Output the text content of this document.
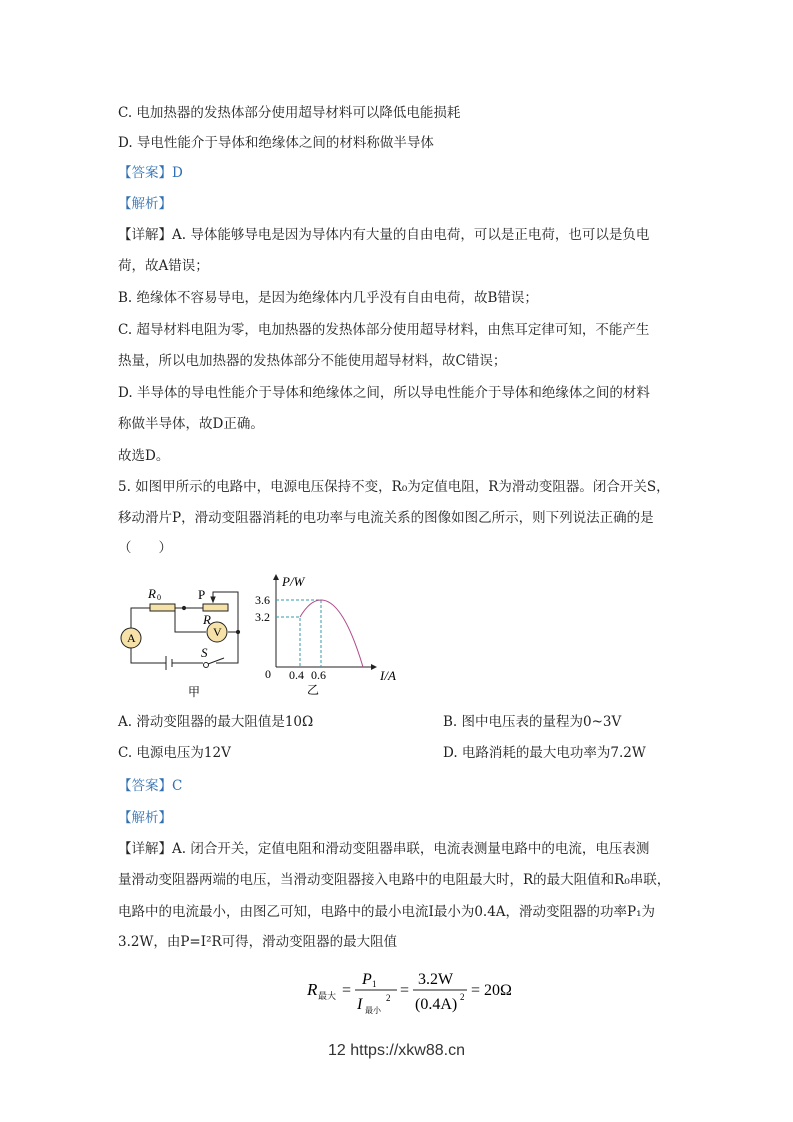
C. 电加热器的发热体部分使用超导材料可以降低电能损耗
D. 导电性能介于导体和绝缘体之间的材料称做半导体
【答案】D
【解析】
【详解】A. 导体能够导电是因为导体内有大量的自由电荷，可以是正电荷，也可以是负电
荷，故A错误；
B. 绝缘体不容易导电，是因为绝缘体内几乎没有自由电荷，故B错误；
C. 超导材料电阻为零，电加热器的发热体部分使用超导材料，由焦耳定律可知，不能产生
热量，所以电加热器的发热体部分不能使用超导材料，故C错误；
D. 半导体的导电性能介于导体和绝缘体之间，所以导电性能介于导体和绝缘体之间的材料
称做半导体，故D正确。
故选D。
5. 如图甲所示的电路中，电源电压保持不变，R₀为定值电阻，R为滑动变阻器。闭合开关S，
移动滑片P，滑动变阻器消耗的电功率与电流关系的图像如图乙所示，则下列说法正确的是
（　　）
R 0	P
R
A	V
S
甲
P/W
3.6
3.2
0 0.4 0.6	I/A
乙
A. 滑动变阻器的最大阻值是10Ω	B. 图中电压表的量程为0~3V
C. 电源电压为12V	D. 电路消耗的最大电功率为7.2W
【答案】C
【解析】
【详解】A. 闭合开关，定值电阻和滑动变阻器串联，电流表测量电路中的电流，电压表测
量滑动变阻器两端的电压，当滑动变阻器接入电路中的电阻最大时，R的最大阻值和R₀串联，
电路中的电流最小，由图乙可知，电路中的最小电流I最小为0.4A，滑动变阻器的功率P₁为
3.2W，由P=I²R可得，滑动变阻器的最大阻值
R 最大 =
P 1
I 最小
2 =
3.2W
(0.4A) 2 = 20Ω
12 https://xkw88.cn
